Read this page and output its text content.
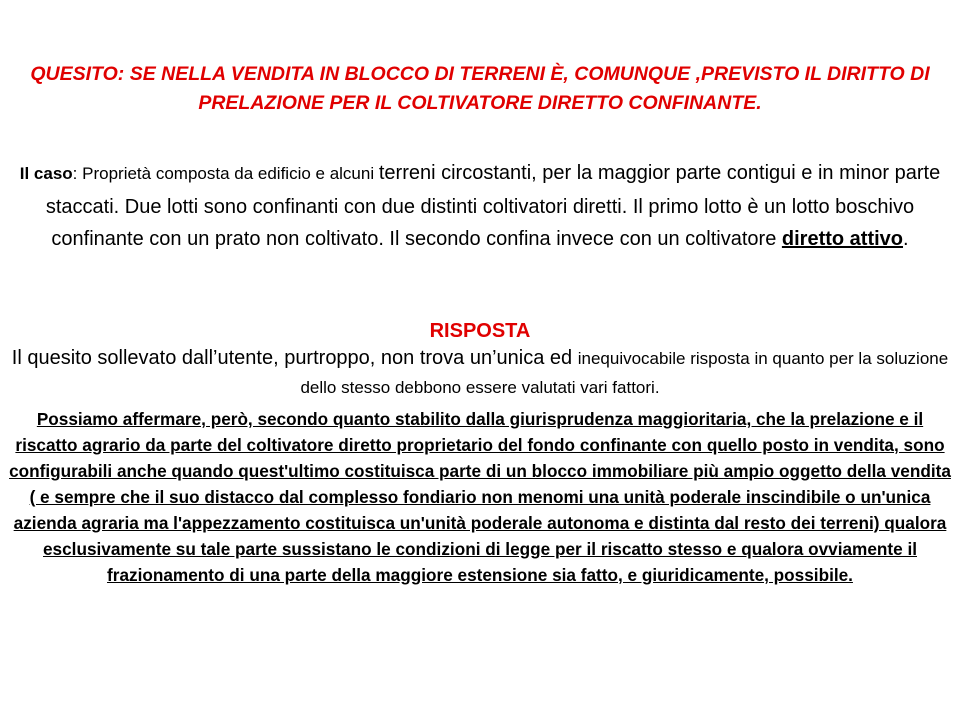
QUESITO: SE NELLA VENDITA IN BLOCCO DI TERRENI È, COMUNQUE ,PREVISTO IL DIRITTO DI PRELAZIONE PER IL COLTIVATORE DIRETTO CONFINANTE.
Il caso: Proprietà composta da edificio e alcuni terreni circostanti, per la maggior parte contigui e in minor parte staccati. Due lotti sono confinanti con due distinti coltivatori diretti. Il primo lotto è un lotto boschivo confinante con un prato non coltivato. Il secondo confina invece con un coltivatore diretto attivo.
RISPOSTA
Il quesito sollevato dall’utente, purtroppo, non trova un’unica ed inequivocabile risposta in quanto per la soluzione dello stesso debbono essere valutati vari fattori.
Possiamo affermare, però, secondo quanto stabilito dalla giurisprudenza maggioritaria, che la prelazione e il riscatto agrario da parte del coltivatore diretto proprietario del fondo confinante con quello posto in vendita, sono configurabili anche quando quest'ultimo costituisca parte di un blocco immobiliare più ampio oggetto della vendita ( e sempre che il suo distacco dal complesso fondiario non menomi una unità poderale inscindibile o un'unica azienda agraria ma l'appezzamento costituisca un'unità poderale autonoma e distinta dal resto dei terreni) qualora esclusivamente su tale parte sussistano le condizioni di legge per il riscatto stesso e qualora ovviamente il frazionamento di una parte della maggiore estensione sia fatto, e giuridicamente, possibile.
